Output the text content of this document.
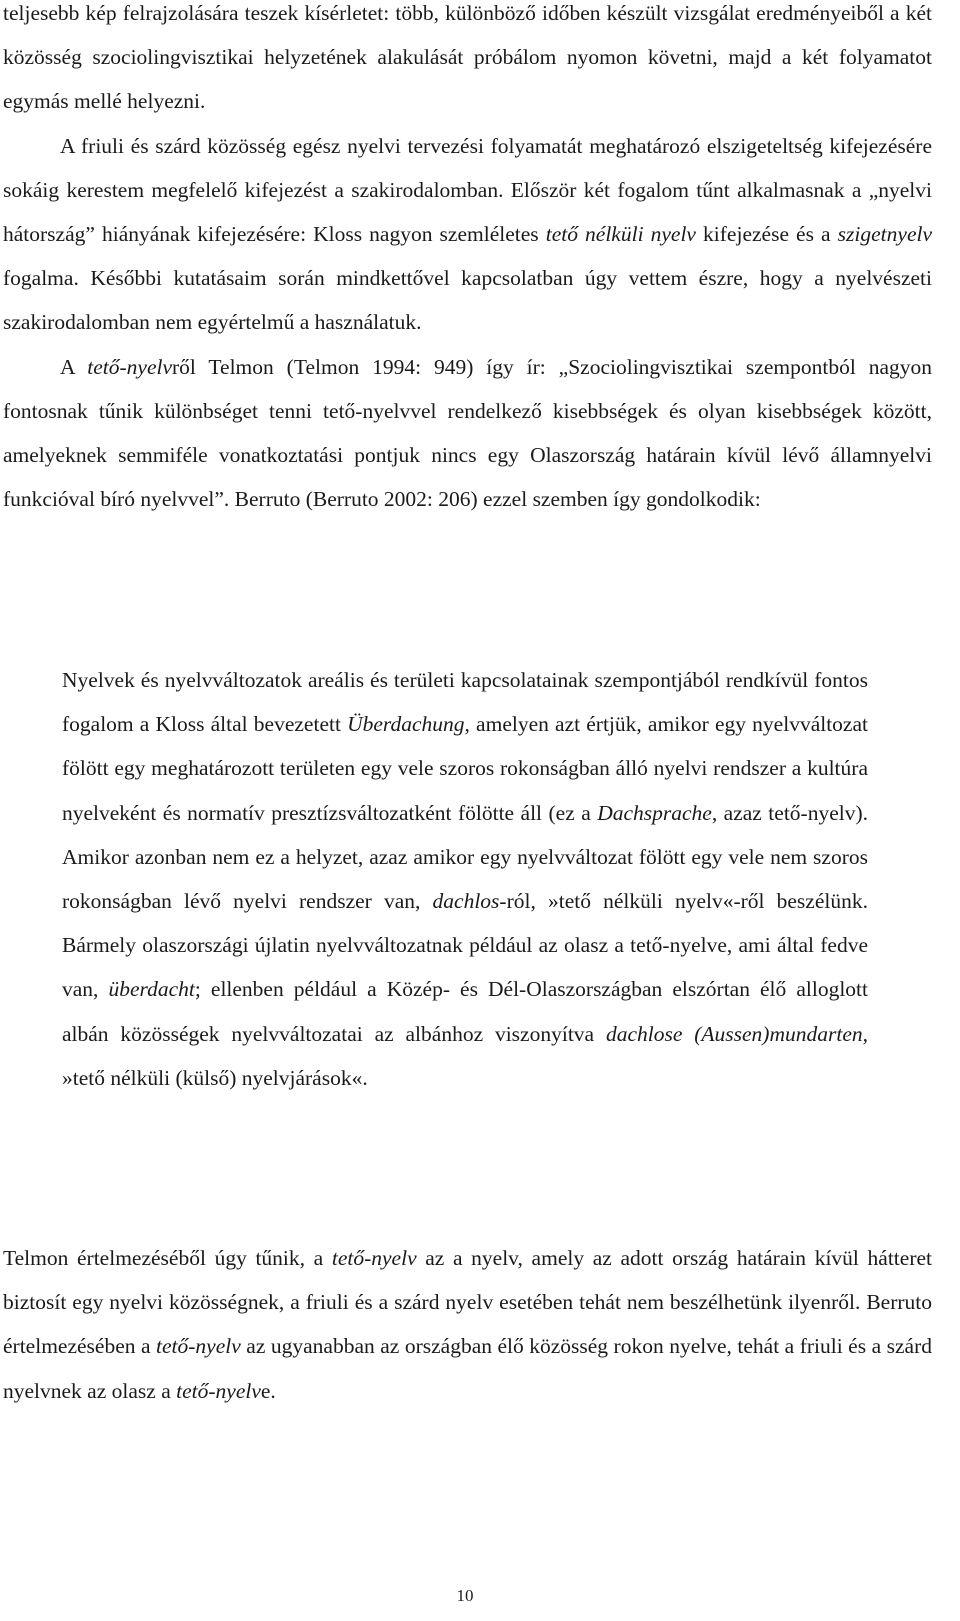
teljesebb kép felrajzolására teszek kísérletet: több, különböző időben készült vizsgálat eredményeiből a két közösség szociolingvisztikai helyzetének alakulását próbálom nyomon követni, majd a két folyamatot egymás mellé helyezni.
A friuli és szárd közösség egész nyelvi tervezési folyamatát meghatározó elszigeteltség kifejezésére sokáig kerestem megfelelő kifejezést a szakirodalomban. Először két fogalom tűnt alkalmasnak a „nyelvi hátország” hiányának kifejezésére: Kloss nagyon szemléletes tető nélküli nyelv kifejezése és a szigetnyelv fogalma. Későbbi kutatásaim során mindkettővel kapcsolatban úgy vettem észre, hogy a nyelvészeti szakirodalomban nem egyértelmű a használatuk.
A tető-nyelvről Telmon (Telmon 1994: 949) így ír: „Szociolingvisztikai szempontból nagyon fontosnak tűnik különbséget tenni tető-nyelvvel rendelkező kisebbségek és olyan kisebbségek között, amelyeknek semmiféle vonatkoztatási pontjuk nincs egy Olaszország határain kívül lévő államnyelvi funkcióval bíró nyelvvel”. Berruto (Berruto 2002: 206) ezzel szemben így gondolkodik:

Nyelvek és nyelvváltozatok areális és területi kapcsolatainak szempontjából rendkívül fontos fogalom a Kloss által bevezetett Überdachung, amelyen azt értjük, amikor egy nyelvváltozat fölött egy meghatározott területen egy vele szoros rokonságban álló nyelvi rendszer a kultúra nyelveként és normatív presztízsváltozatként fölötte áll (ez a Dachsprache, azaz tető-nyelv). Amikor azonban nem ez a helyzet, azaz amikor egy nyelvváltozat fölött egy vele nem szoros rokonságban lévő nyelvi rendszer van, dachlos-ról, »tető nélküli nyelv«-ről beszélünk. Bármely olaszországi újlatin nyelvváltozatnak például az olasz a tető-nyelve, ami által fedve van, überdacht; ellenben például a Közép- és Dél-Olaszországban elszórtan élő alloglott albán közösségek nyelvváltozatai az albánhoz viszonyítva dachlose (Aussen)mundarten, »tető nélküli (külső) nyelvjárások«.

Telmon értelmezéséből úgy tűnik, a tető-nyelv az a nyelv, amely az adott ország határain kívül hátteret biztosít egy nyelvi közösségnek, a friuli és a szárd nyelv esetében tehát nem beszélhetünk ilyenről. Berruto értelmezésében a tető-nyelv az ugyanabban az országban élő közösség rokon nyelve, tehát a friuli és a szárd nyelvnek az olasz a tető-nyelve.

10
